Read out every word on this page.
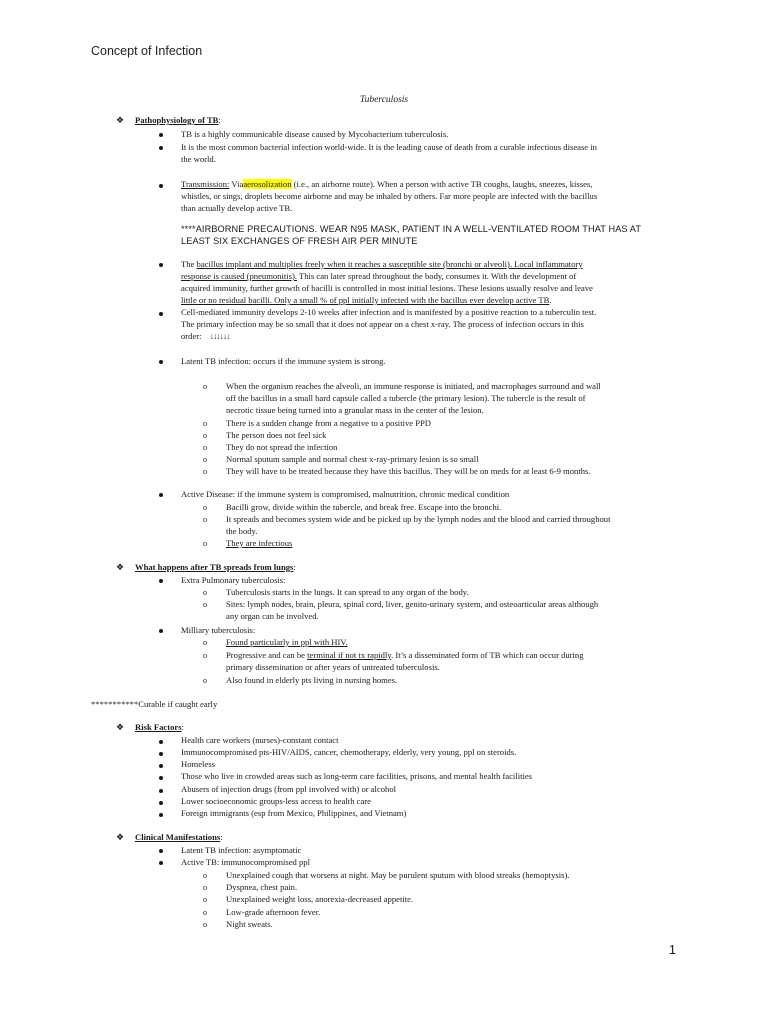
Concept of Infection
Tuberculosis
❖ Pathophysiology of TB:
TB is a highly communicable disease caused by Mycobacterium tuberculosis.
It is the most common bacterial infection world-wide. It is the leading cause of death from a curable infectious disease in
the world.
Transmission: Viaaerosolization (i.e., an airborne route). When a person with active TB coughs, laughs, sneezes, kisses,
whistles, or sings, droplets become airborne and may be inhaled by others. Far more people are infected with the bacillus
than actually develop active TB.
****AIRBORNE PRECAUTIONS. WEAR N95 MASK, PATIENT IN A WELL-VENTILATED ROOM THAT HAS AT
LEAST SIX EXCHANGES OF FRESH AIR PER MINUTE
The bacillus implant and multiplies freely when it reaches a susceptible site (bronchi or alveoli). Local inflammatory
response is caused (pneumonitis). This can later spread throughout the body, consumes it. With the development of
acquired immunity, further growth of bacilli is controlled in most initial lesions. These lesions usually resolve and leave
little or no residual bacilli. Only a small % of ppl initially infected with the bacillus ever develop active TB.
Cell-mediated immunity develops 2-10 weeks after infection and is manifested by a positive reaction to a tuberculin test.
The primary infection may be so small that it does not appear on a chest x-ray. The process of infection occurs in this
order: ↓↓↓↓↓↓
Latent TB infection: occurs if the immune system is strong.
o When the organism reaches the alveoli, an immune response is initiated, and macrophages surround and wall
off the bacillus in a small hard capsule called a tubercle (the primary lesion). The tubercle is the result of
necrotic tissue being turned into a granular mass in the center of the lesion.
o There is a sudden change from a negative to a positive PPD
o The person does not feel sick
o They do not spread the infection
o Normal sputum sample and normal chest x-ray-primary lesion is so small
o They will have to be treated because they have this bacillus. They will be on meds for at least 6-9 months.
Active Disease: if the immune system is compromised, malnutrition, chronic medical condition
o Bacilli grow, divide within the tubercle, and break free. Escape into the bronchi.
o It spreads and becomes system wide and be picked up by the lymph nodes and the blood and carried throughout
the body.
o They are infectious
❖ What happens after TB spreads from lungs:
Extra Pulmonary tuberculosis:
o Tuberculosis starts in the lungs. It can spread to any organ of the body.
o Sites: lymph nodes, brain, pleura, spinal cord, liver, genito-urinary system, and osteoarticular areas although
any organ can be involved.
Milliary tuberculosis:
o Found particularly in ppl with HIV.
o Progressive and can be terminal if not tx rapidly. It’s a disseminated form of TB which can occur during
primary dissemination or after years of untreated tuberculosis.
o Also found in elderly pts living in nursing homes.
***********Curable if caught early
❖ Risk Factors:
Health care workers (nurses)-constant contact
Immunocompromised pts-HIV/AIDS, cancer, chemotherapy, elderly, very young, ppl on steroids.
Homeless
Those who live in crowded areas such as long-term care facilities, prisons, and mental health facilities
Abusers of injection drugs (from ppl involved with) or alcohol
Lower socioeconomic groups-less access to health care
Foreign immigrants (esp from Mexico, Philippines, and Vietnam)
❖ Clinical Manifestations:
Latent TB infection: asymptomatic
Active TB: immunocompromised ppl
o Unexplained cough that worsens at night. May be purulent sputum with blood streaks (hemoptysis).
o Dyspnea, chest pain.
o Unexplained weight loss, anorexia-decreased appetite.
o Low-grade afternoon fever.
o Night sweats.
1
